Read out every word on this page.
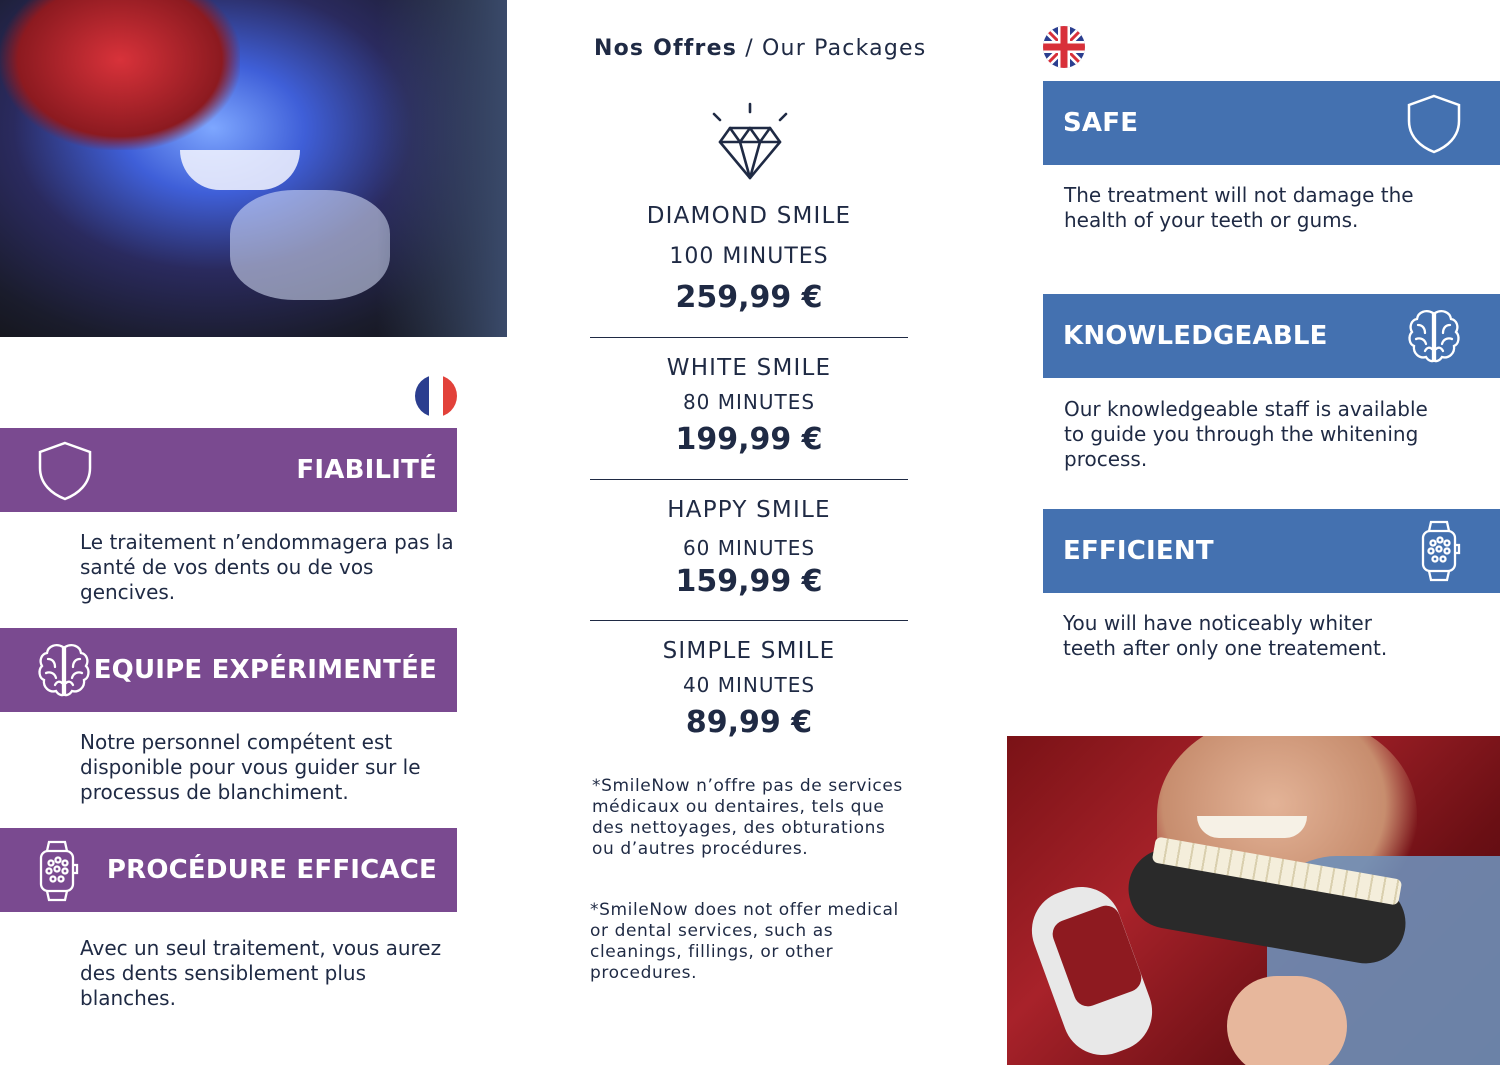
FIABILITÉ
Le traitement n’endommagera pas la santé de vos dents ou de vos gencives.
EQUIPE EXPÉRIMENTÉE
Notre personnel compétent est disponible pour vous guider sur le processus de blanchiment.
PROCÉDURE EFFICACE
Avec un seul traitement, vous aurez des dents sensiblement plus blanches.
Nos Offres / Our Packages
DIAMOND SMILE
100 MINUTES
259,99 €
WHITE SMILE
80 MINUTES
199,99 €
HAPPY SMILE
60 MINUTES
159,99 €
SIMPLE SMILE
40 MINUTES
89,99 €
*SmileNow n’offre pas de services médicaux ou dentaires, tels que des nettoyages, des obturations ou d’autres procédures.
*SmileNow does not offer medical or dental services, such as cleanings, fillings, or other procedures.
SAFE
The treatment will not damage the health of your teeth or gums.
KNOWLEDGEABLE
Our knowledgeable staff is available to guide you through the whitening process.
EFFICIENT
You will have noticeably whiter teeth after only one treatement.
